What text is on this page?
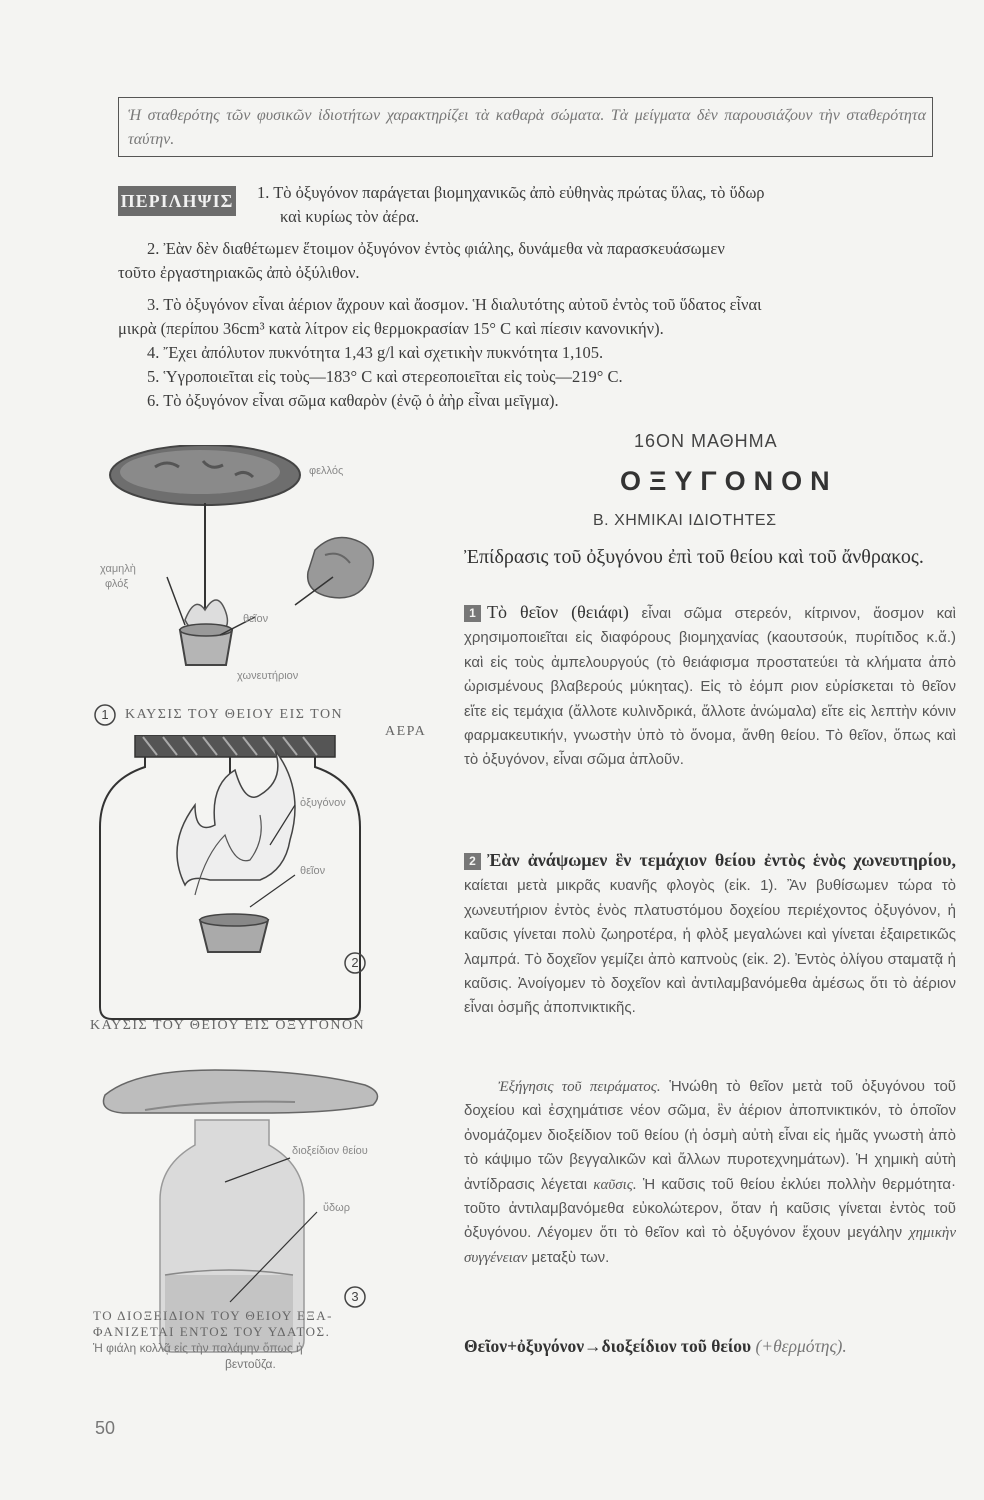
Ἡ σταθερότης τῶν φυσικῶν ἰδιοτήτων χαρακτηρίζει τὰ καθαρὰ σώματα. Τὰ μείγματα δὲν παρουσιάζουν τὴν σταθερότητα ταύτην.
ΠΕΡΙΛΗΨΙΣ 1. Τὸ ὀξυγόνον παράγεται βιομηχανικῶς ἀπὸ εὐθηνὰς πρώτας ὕλας, τὸ ὕδωρ
καὶ κυρίως τὸν ἀέρα.
2. Ἐὰν δὲν διαθέτωμεν ἕτοιμον ὀξυγόνον ἐντὸς φιάλης, δυνάμεθα νὰ παρασκευάσωμεν
τοῦτο ἐργαστηριακῶς ἀπὸ ὀξύλιθον.
3. Τὸ ὀξυγόνον εἶναι ἀέριον ἄχρουν καὶ ἄοσμον. Ἡ διαλυτότης αὐτοῦ ἐντὸς τοῦ ὕδατος εἶναι
μικρὰ (περίπου 36cm³ κατὰ λίτρον εἰς θερμοκρασίαν 15° C καὶ πίεσιν κανονικήν).
4. Ἔχει ἀπόλυτον πυκνότητα 1,43 g/l καὶ σχετικὴν πυκνότητα 1,105.
5. Ὑγροποιεῖται εἰς τοὺς—183° C καὶ στερεοποιεῖται εἰς τοὺς—219° C.
6. Τὸ ὀξυγόνον εἶναι σῶμα καθαρὸν (ἐνῷ ὁ ἀὴρ εἶναι μεῖγμα).
16ΟΝ ΜΑΘΗΜΑ
ΟΞΥΓΟΝΟΝ
Β. ΧΗΜΙΚΑΙ ΙΔΙΟΤΗΤΕΣ
Ἐπίδρασις τοῦ ὀξυγόνου ἐπὶ τοῦ θείου καὶ τοῦ ἄνθρακος.
1 Τὸ θεῖον (θειάφι) εἶναι σῶμα στερεόν, κίτρινον, ἄοσμον καὶ χρησιμοποιεῖται εἰς διαφόρους βιομηχανίας (καουτσούκ, πυρίτιδος κ.ἄ.) καὶ εἰς τοὺς ἀμπελουργούς (τὸ θειάφισμα προστατεύει τὰ κλήματα ἀπὸ ὡρισμένους βλαβερούς μύκητας). Εἰς τὸ ἐόμπ ριον εὑρίσκεται τὸ θεῖον εἴτε εἰς τεμάχια (ἄλλοτε κυλινδρικά, ἄλλοτε ἀνώμαλα) εἴτε εἰς λεπτὴν κόνιν φαρμακευτικήν, γνωστὴν ὑπὸ τὸ ὄνομα, ἄνθη θείου. Τὸ θεῖον, ὅπως καὶ τὸ ὀξυγόνον, εἶναι σῶμα ἁπλοῦν.
2 Ἐὰν ἀνάψωμεν ἓν τεμάχιον θείου ἐντὸς ἑνὸς χωνευτηρίου, καίεται μετὰ μικρᾶς κυανῆς φλογὸς (εἰκ. 1). Ἂν βυθίσωμεν τώρα τὸ χωνευτήριον ἐντὸς ἑνὸς πλατυστόμου δοχείου περιέχοντος ὀξυγόνον, ἡ καῦσις γίνεται πολὺ ζωηροτέρα, ἡ φλὸξ μεγαλώνει καὶ γίνεται ἐξαιρετικῶς λαμπρά. Τὸ δοχεῖον γεμίζει ἀπὸ καπνοὺς (εἰκ. 2). Ἐντὸς ὀλίγου σταματᾷ ἡ καῦσις. Ἀνοίγομεν τὸ δοχεῖον καὶ ἀντιλαμβανόμεθα ἀμέσως ὅτι τὸ ἀέριον εἶναι ὀσμῆς ἀποπνικτικῆς.
Ἐξήγησις τοῦ πειράματος. Ἡνώθη τὸ θεῖον μετὰ τοῦ ὀξυγόνου τοῦ δοχείου καὶ ἐσχημάτισε νέον σῶμα, ἓν ἀέριον ἀποπνικτικόν, τὸ ὁποῖον ὀνομάζομεν διοξείδιον τοῦ θείου (ἡ ὀσμὴ αὐτὴ εἶναι εἰς ἡμᾶς γνωστὴ ἀπὸ τὸ κάψιμο τῶν βεγγαλικῶν καὶ ἄλλων πυροτεχνημάτων). Ἡ χημικὴ αὐτὴ ἀντίδρασις λέγεται καῦσις. Ἡ καῦσις τοῦ θείου ἐκλύει πολλὴν θερμότητα· τοῦτο ἀντιλαμβανόμεθα εὐκολώτερον, ὅταν ἡ καῦσις γίνεται ἐντὸς τοῦ ὀξυγόνου. Λέγομεν ὅτι τὸ θεῖον καὶ τὸ ὀξυγόνον ἔχουν μεγάλην χημικὴν συγγένειαν μεταξὺ των.
Θεῖον+ὀξυγόνον→διοξείδιον τοῦ θείου (+θερμότης).
φελλός
χαμηλὴ
φλόξ
θεῖον
χωνευτήριον
1 ΚΑΥΣΙΣ ΤΟΥ ΘΕΙΟΥ ΕΙΣ ΤΟΝ
ΑΕΡΑ
ὀξυγόνον
θεῖον
2
ΚΑΥΣΙΣ ΤΟΥ ΘΕΙΟΥ ΕΙΣ ΟΞΥΓΟΝΟΝ
διοξείδιον θείου
ὕδωρ
3
ΤΟ ΔΙΟΞΕΙΔΙΟΝ ΤΟΥ ΘΕΙΟΥ ΕΞΑ-
ΦΑΝΙΖΕΤΑΙ ΕΝΤΟΣ ΤΟΥ ΥΔΑΤΟΣ.
Ἡ φιάλη κολλᾷ εἰς τὴν παλάμην ὅπως ἡ
βεντοῦζα.
50
